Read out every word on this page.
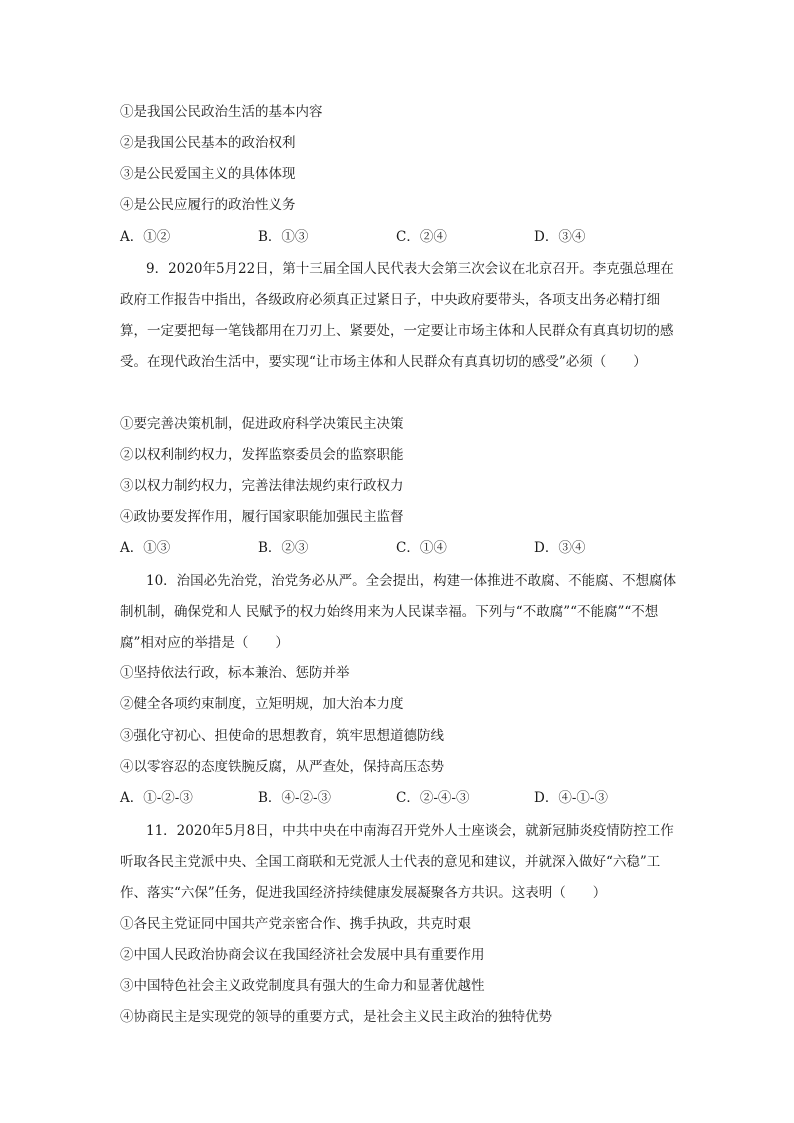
①是我国公民政治生活的基本内容
②是我国公民基本的政治权利
③是公民爱国主义的具体体现
④是公民应履行的政治性义务
A．①②	B．①③	C．②④	D．③④
9．2020年5月22日，第十三届全国人民代表大会第三次会议在北京召开。李克强总理在政府工作报告中指出，各级政府必须真正过紧日子，中央政府要带头，各项支出务必精打细算，一定要把每一笔钱都用在刀刃上、紧要处，一定要让市场主体和人民群众有真真切切的感受。在现代政治生活中，要实现“让市场主体和人民群众有真真切切的感受”必须（　　）
①要完善决策机制，促进政府科学决策民主决策
②以权利制约权力，发挥监察委员会的监察职能
③以权力制约权力，完善法律法规约束行政权力
④政协要发挥作用，履行国家职能加强民主监督
A．①③	B．②③	C．①④	D．③④
10．治国必先治党，治党务必从严。全会提出，构建一体推进不敢腐、不能腐、不想腐体制机制，确保党和人 民赋予的权力始终用来为人民谋幸福。下列与“不敢腐”“不能腐”“不想腐”相对应的举措是（　　）
①坚持依法行政，标本兼治、惩防并举
②健全各项约束制度，立矩明规，加大治本力度
③强化守初心、担使命的思想教育，筑牢思想道德防线
④以零容忍的态度铁腕反腐，从严查处，保持高压态势
A．①-②-③	B．④-②-③	C．②-④-③	D．④-①-③
11．2020年5月8日，中共中央在中南海召开党外人士座谈会，就新冠肺炎疫情防控工作听取各民主党派中央、全国工商联和无党派人士代表的意见和建议，并就深入做好“六稳”工作、落实“六保”任务，促进我国经济持续健康发展凝聚各方共识。这表明（　　）
①各民主党证同中国共产党亲密合作、携手执政，共克时艰
②中国人民政治协商会议在我国经济社会发展中具有重要作用
③中国特色社会主义政党制度具有强大的生命力和显著优越性
④协商民主是实现党的领导的重要方式，是社会主义民主政治的独特优势
